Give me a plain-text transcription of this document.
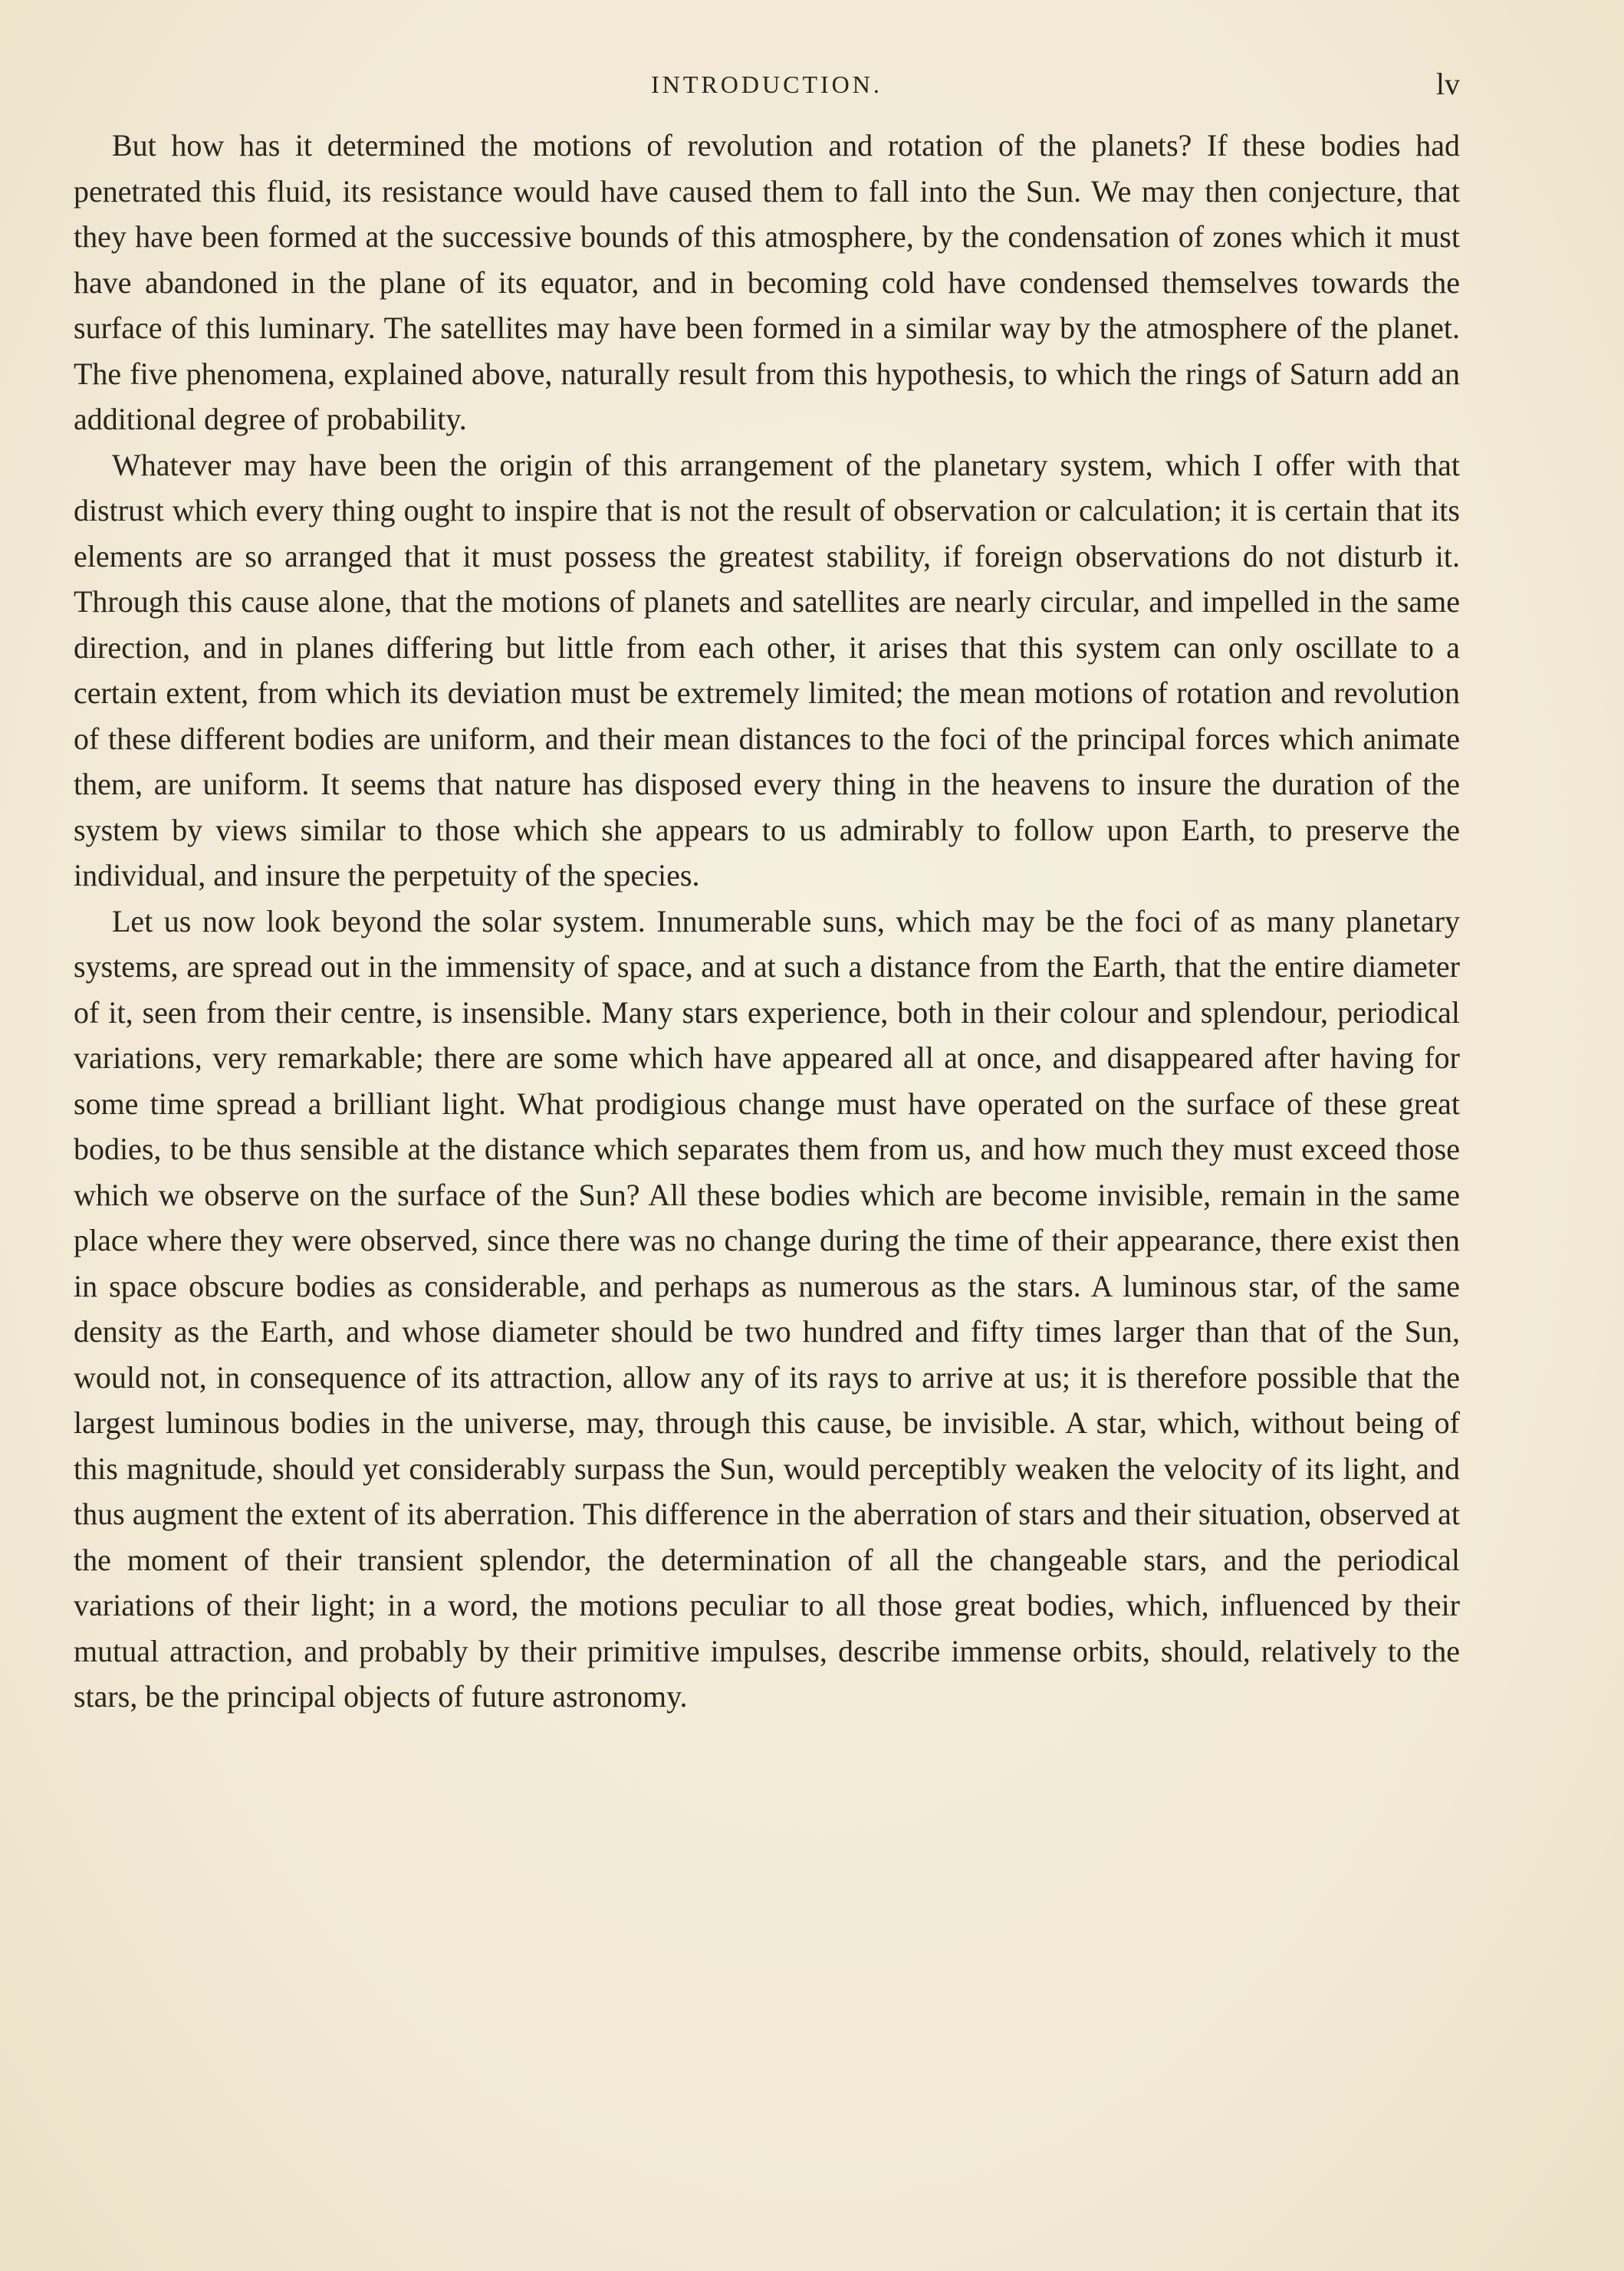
INTRODUCTION.	lv

But how has it determined the motions of revolution and rotation of the planets? If these bodies had penetrated this fluid, its resistance would have caused them to fall into the Sun. We may then conjecture, that they have been formed at the successive bounds of this atmosphere, by the condensation of zones which it must have abandoned in the plane of its equator, and in becoming cold have condensed themselves towards the surface of this luminary. The satellites may have been formed in a similar way by the atmosphere of the planet. The five phenomena, explained above, naturally result from this hypothesis, to which the rings of Saturn add an additional degree of probability.

Whatever may have been the origin of this arrangement of the planetary system, which I offer with that distrust which every thing ought to inspire that is not the result of observation or calculation; it is certain that its elements are so arranged that it must possess the greatest stability, if foreign observations do not disturb it. Through this cause alone, that the motions of planets and satellites are nearly circular, and impelled in the same direction, and in planes differing but little from each other, it arises that this system can only oscillate to a certain extent, from which its deviation must be extremely limited; the mean motions of rotation and revolution of these different bodies are uniform, and their mean distances to the foci of the principal forces which animate them, are uniform. It seems that nature has disposed every thing in the heavens to insure the duration of the system by views similar to those which she appears to us admirably to follow upon Earth, to preserve the individual, and insure the perpetuity of the species.

Let us now look beyond the solar system. Innumerable suns, which may be the foci of as many planetary systems, are spread out in the immensity of space, and at such a distance from the Earth, that the entire diameter of it, seen from their centre, is insensible. Many stars experience, both in their colour and splendour, periodical variations, very remarkable; there are some which have appeared all at once, and disappeared after having for some time spread a brilliant light. What prodigious change must have operated on the surface of these great bodies, to be thus sensible at the distance which separates them from us, and how much they must exceed those which we observe on the surface of the Sun? All these bodies which are become invisible, remain in the same place where they were observed, since there was no change during the time of their appearance, there exist then in space obscure bodies as considerable, and perhaps as numerous as the stars. A luminous star, of the same density as the Earth, and whose diameter should be two hundred and fifty times larger than that of the Sun, would not, in consequence of its attraction, allow any of its rays to arrive at us; it is therefore possible that the largest luminous bodies in the universe, may, through this cause, be invisible. A star, which, without being of this magnitude, should yet considerably surpass the Sun, would perceptibly weaken the velocity of its light, and thus augment the extent of its aberration. This difference in the aberration of stars and their situation, observed at the moment of their transient splendor, the determination of all the changeable stars, and the periodical variations of their light; in a word, the motions peculiar to all those great bodies, which, influenced by their mutual attraction, and probably by their primitive impulses, describe immense orbits, should, relatively to the stars, be the principal objects of future astronomy.
